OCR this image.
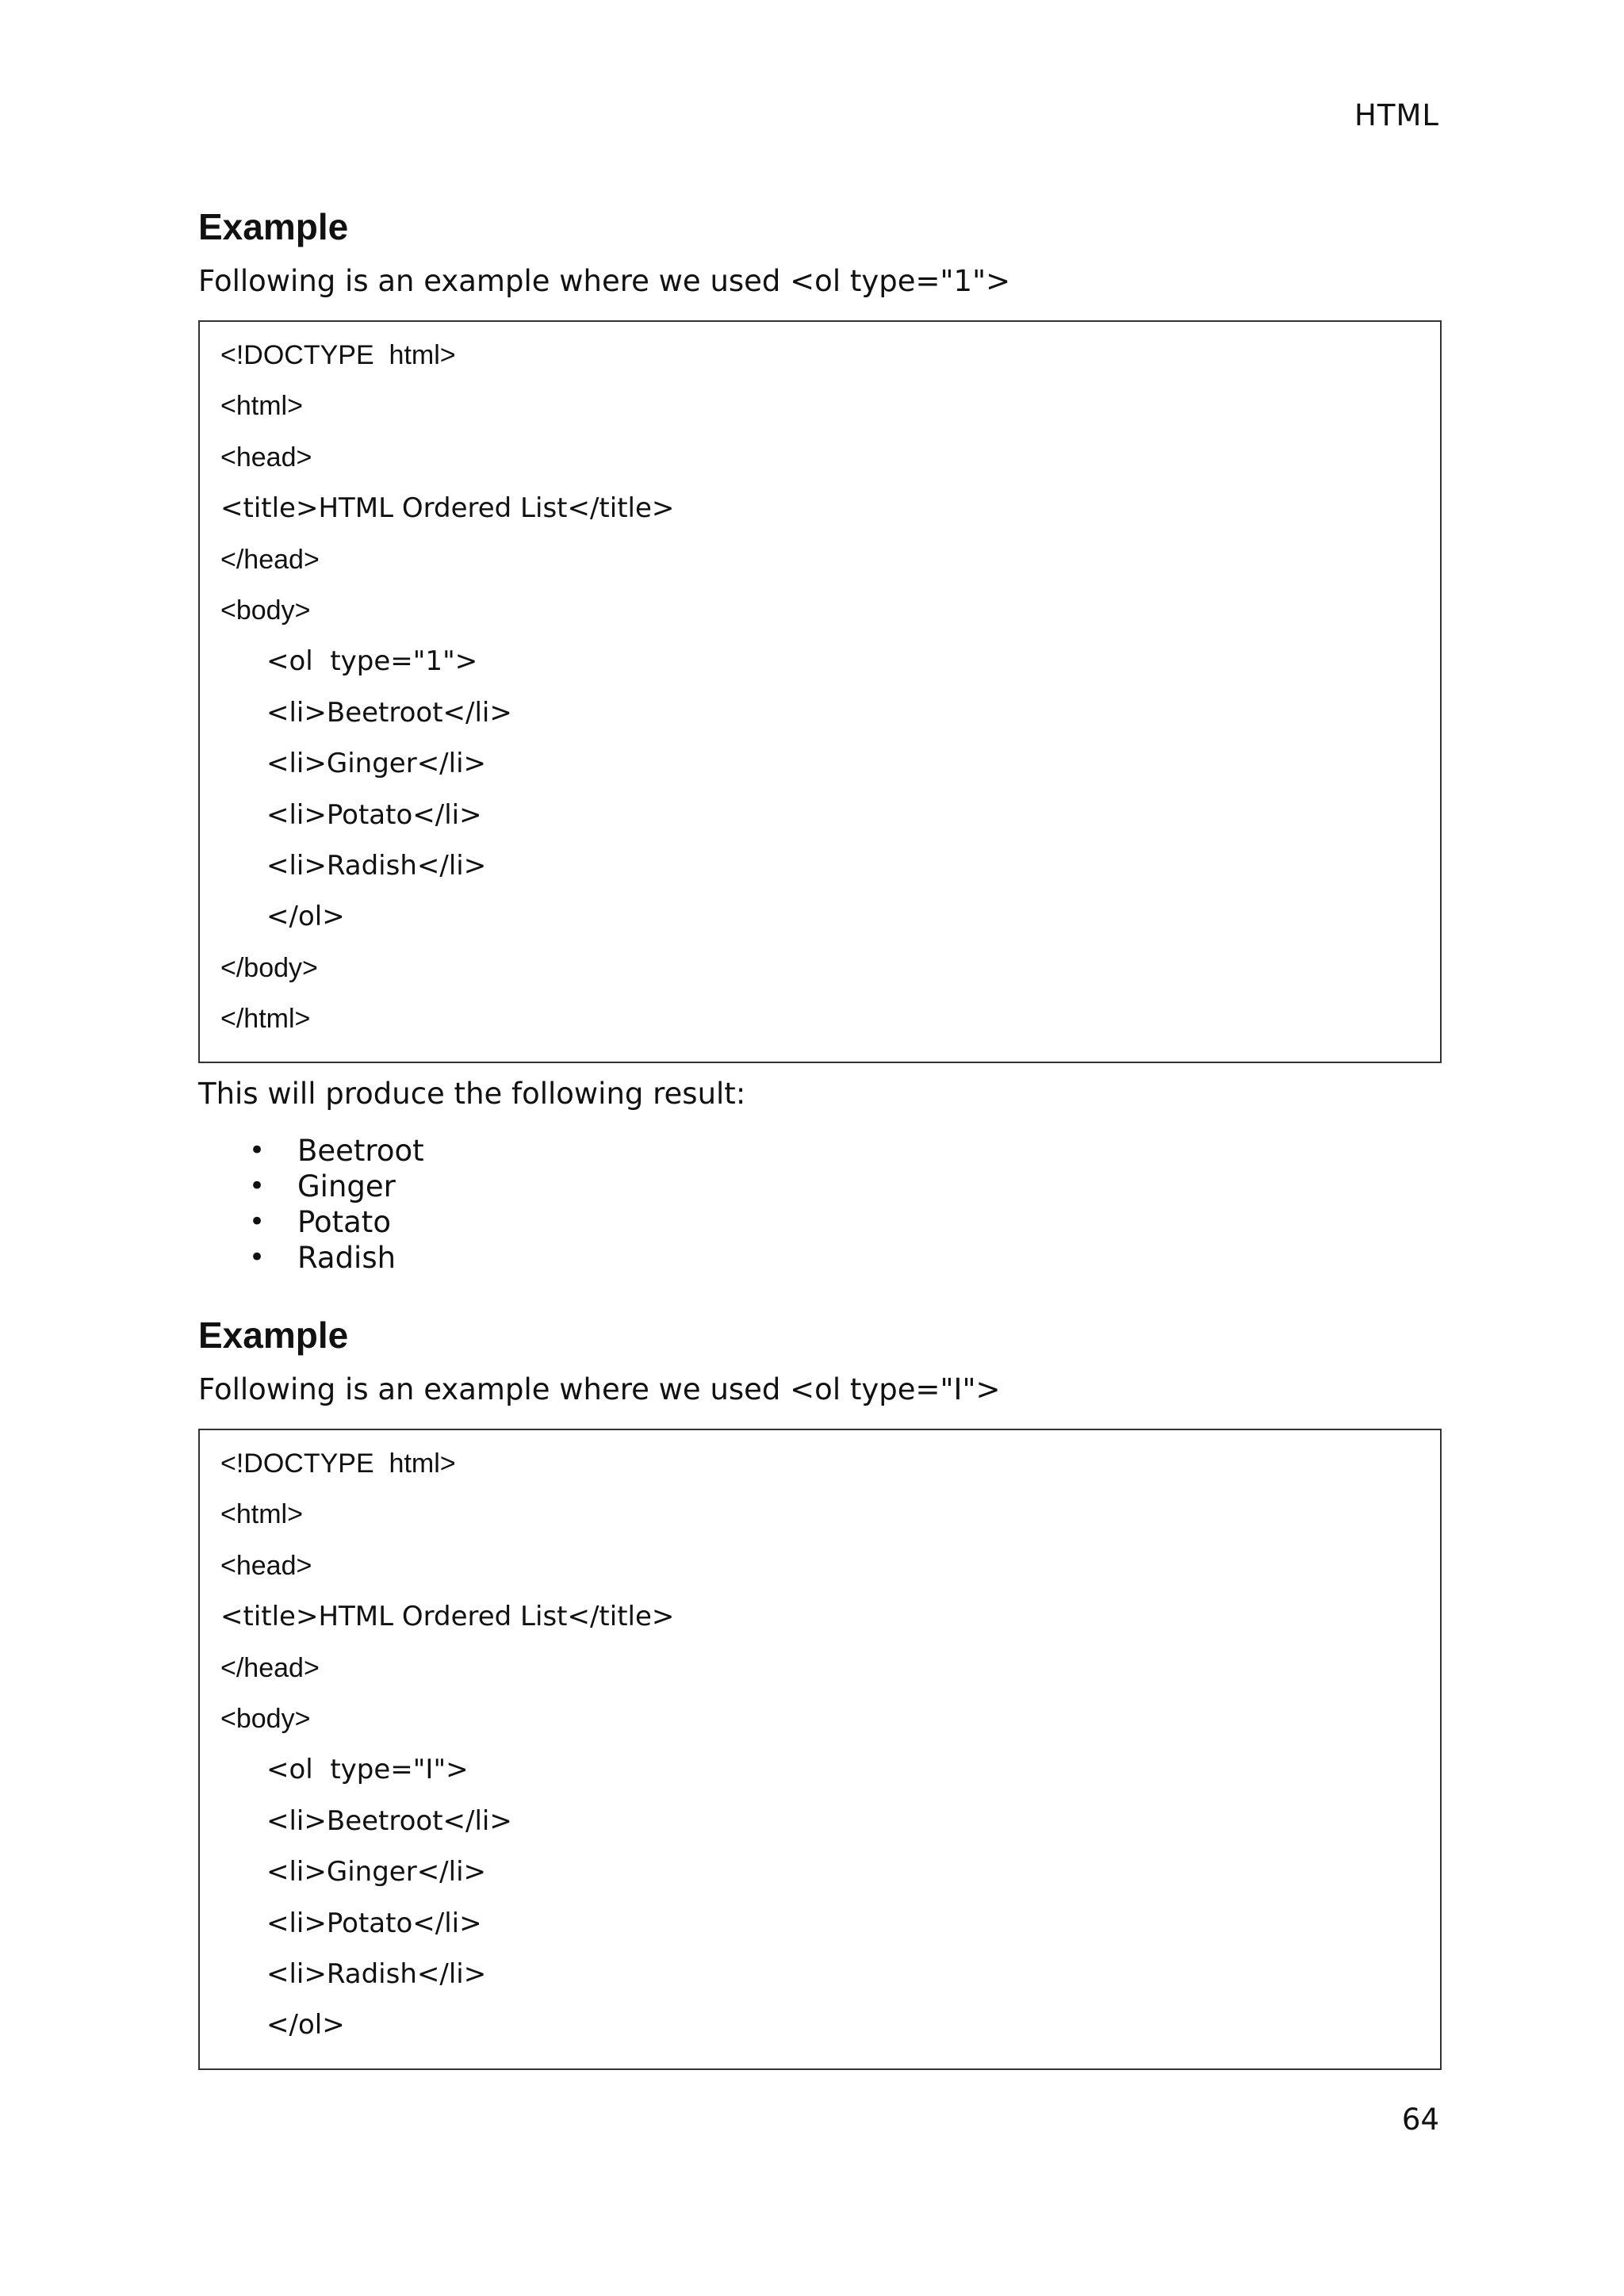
HTML
Example

Following is an example where we used <ol type="1">

<!DOCTYPE  html>
<html>
<head>
<title>HTML Ordered List</title>
</head>
<body>
<ol  type="1">
<li>Beetroot</li>
<li>Ginger</li>
<li>Potato</li>
<li>Radish</li>
</ol>
</body>
</html>

This will produce the following result:

• Beetroot
• Ginger
• Potato
• Radish
Example

Following is an example where we used <ol type="I">

<!DOCTYPE  html>
<html>
<head>
<title>HTML Ordered List</title>
</head>
<body>
<ol  type="I">
<li>Beetroot</li>
<li>Ginger</li>
<li>Potato</li>
<li>Radish</li>
</ol>
64
